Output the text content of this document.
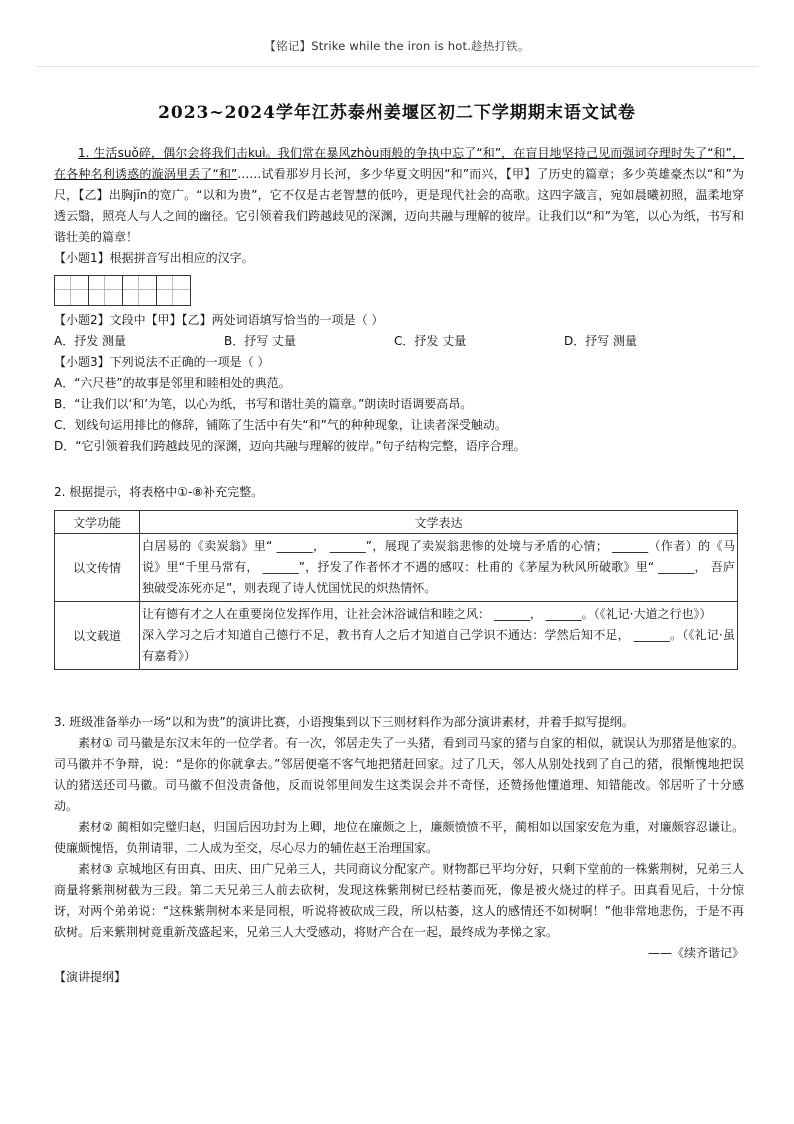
【铭记】Strike while the iron is hot.趁热打铁。
2023~2024学年江苏泰州姜堰区初二下学期期末语文试卷

1. 生活suǒ碎，偶尔会将我们击kuì。我们常在暴风zhòu雨般的争执中忘了“和”，在盲目地坚持己见而强词夺理时失了“和”，在各种名利诱惑的漩涡里丢了“和”……试看那岁月长河，多少华夏文明因“和”而兴，【甲】了历史的篇章；多少英雄豪杰以“和”为尺，【乙】出胸jīn的宽广。“以和为贵”，它不仅是古老智慧的低吟，更是现代社会的高歌。这四字箴言，宛如晨曦初照，温柔地穿透云翳，照亮人与人之间的幽径。它引领着我们跨越歧见的深渊，迈向共融与理解的彼岸。让我们以“和”为笔，以心为纸，书写和谐壮美的篇章！

【小题1】根据拼音写出相应的汉字。

【小题2】文段中【甲】【乙】两处词语填写恰当的一项是（ ）

A．抒发 测量	B．抒写 丈量	C．抒发 丈量	D．抒写 测量

【小题3】下列说法不正确的一项是（ ）

A．“六尺巷”的故事是邻里和睦相处的典范。

B．“让我们以‘和’为笔，以心为纸，书写和谐壮美的篇章。”朗读时语调要高昂。

C．划线句运用排比的修辞，铺陈了生活中有失“和”气的种种现象，让读者深受触动。

D．“它引领着我们跨越歧见的深渊，迈向共融与理解的彼岸。”句子结构完整，语序合理。

2. 根据提示，将表格中①-⑧补充完整。

文学功能	文学表达
以文传情	白居易的《卖炭翁》里“ ______， ______”，展现了卖炭翁悲惨的处境与矛盾的心情； ______（作者）的《马说》里“千里马常有， ______”，抒发了作者怀才不遇的感叹：杜甫的《茅屋为秋风所破歌》里“ ______， 吾庐独破受冻死亦足”，则表现了诗人忧国忧民的炽热情怀。
以文载道	让有德有才之人在重要岗位发挥作用，让社会沐浴诚信和睦之风： ______， ______。（《礼记·大道之行也》）
深入学习之后才知道自己德行不足，教书育人之后才知道自己学识不通达：学然后知不足， ______。（《礼记·虽有嘉肴》）

3. 班级准备举办一场“以和为贵”的演讲比赛，小语搜集到以下三则材料作为部分演讲素材，并着手拟写提纲。

素材① 司马徽是东汉末年的一位学者。有一次，邻居走失了一头猪，看到司马家的猪与自家的相似，就误认为那猪是他家的。司马徽并不争辩，说：“是你的你就拿去。”邻居便毫不客气地把猪赶回家。过了几天，邻人从别处找到了自己的猪，很惭愧地把误认的猪送还司马徽。司马徽不但没责备他，反而说邻里间发生这类误会并不奇怪，还赞扬他懂道理、知错能改。邻居听了十分感动。

素材② 蔺相如完璧归赵，归国后因功封为上卿，地位在廉颇之上，廉颇愤愤不平，蔺相如以国家安危为重，对廉颇容忍谦让。使廉颇愧悟，负荆请罪，二人成为至交，尽心尽力的辅佐赵王治理国家。

素材③ 京城地区有田真、田庆、田广兄弟三人，共同商议分配家产。财物都已平均分好，只剩下堂前的一株紫荆树，兄弟三人商量将紫荆树截为三段。第二天兄弟三人前去砍树，发现这株紫荆树已经枯萎而死，像是被火烧过的样子。田真看见后，十分惊讶，对两个弟弟说：“这株紫荆树本来是同根，听说将被砍成三段，所以枯萎，这人的感情还不如树啊！”他非常地悲伤，于是不再砍树。后来紫荆树竟重新茂盛起来，兄弟三人大受感动，将财产合在一起，最终成为孝悌之家。

——《续齐谐记》

【演讲提纲】
